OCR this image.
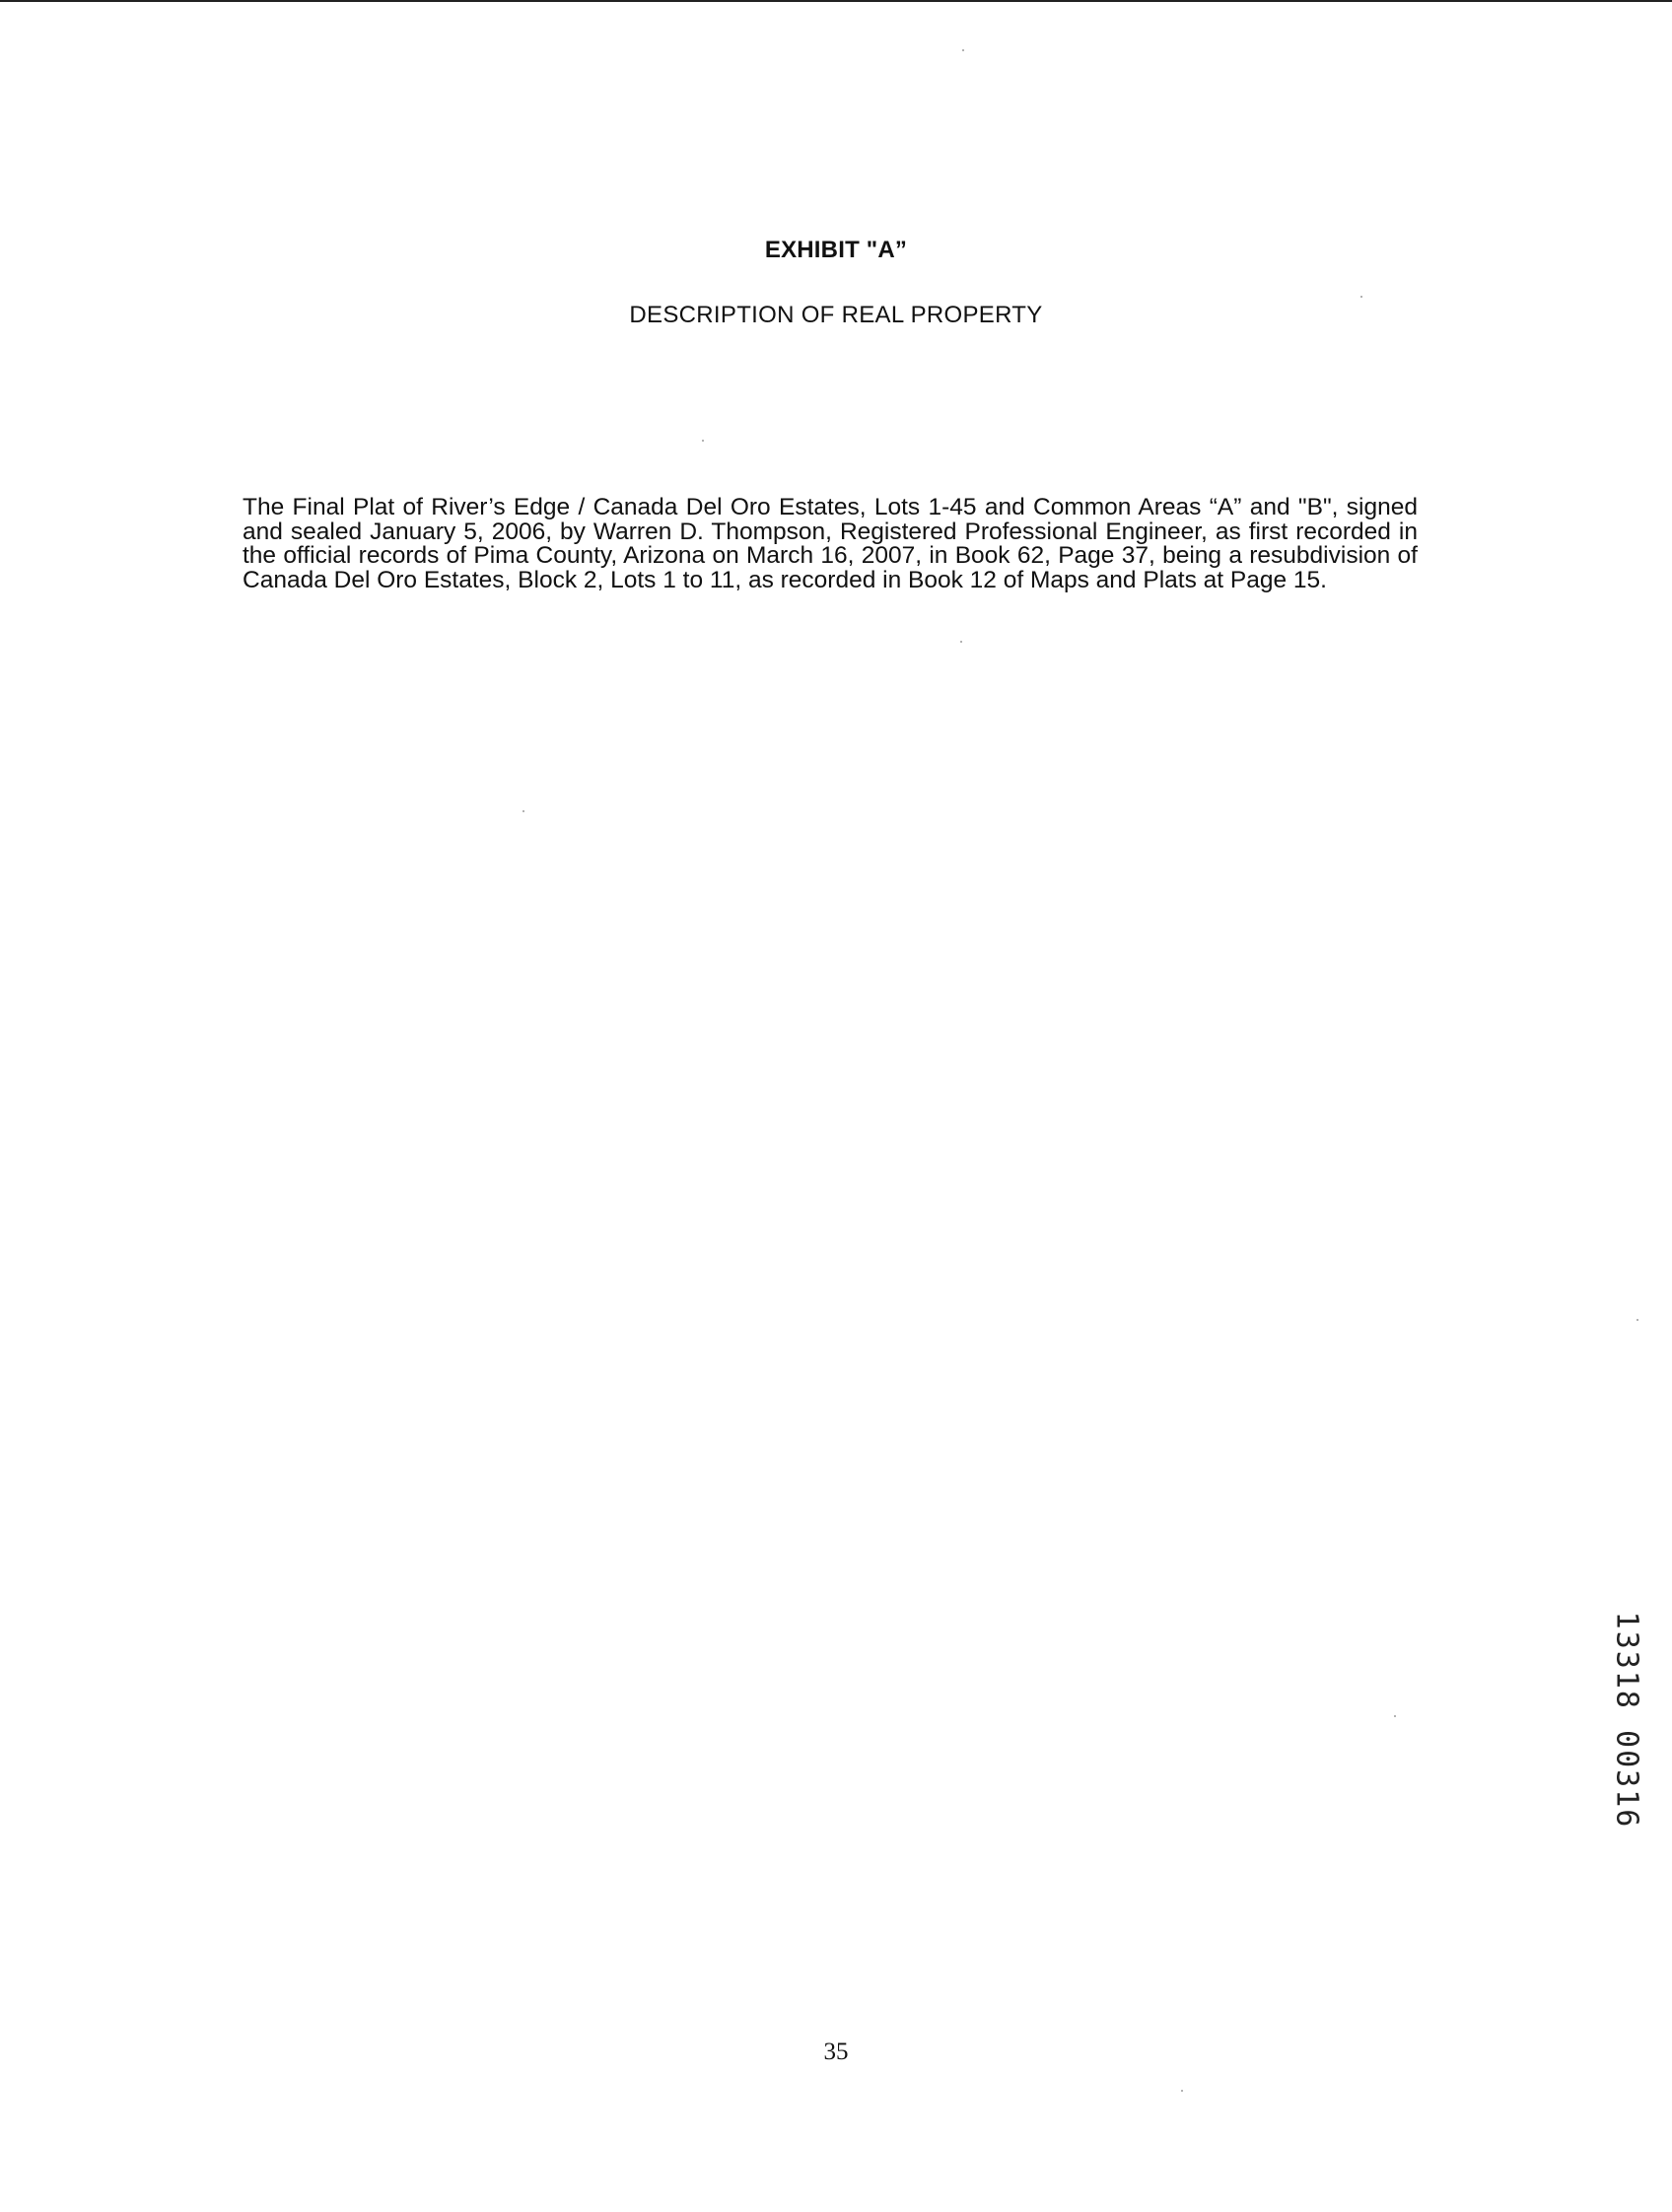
EXHIBIT "A”
DESCRIPTION OF REAL PROPERTY

The Final Plat of River’s Edge / Canada Del Oro Estates, Lots 1-45 and Common Areas “A” and "B", signed and sealed January 5, 2006, by Warren D. Thompson, Registered Professional Engineer, as first recorded in the official records of Pima County, Arizona on March 16, 2007, in Book 62, Page 37, being a resubdivision of Canada Del Oro Estates, Block 2, Lots 1 to 11, as recorded in Book 12 of Maps and Plats at Page 15.

13318 00316
35
